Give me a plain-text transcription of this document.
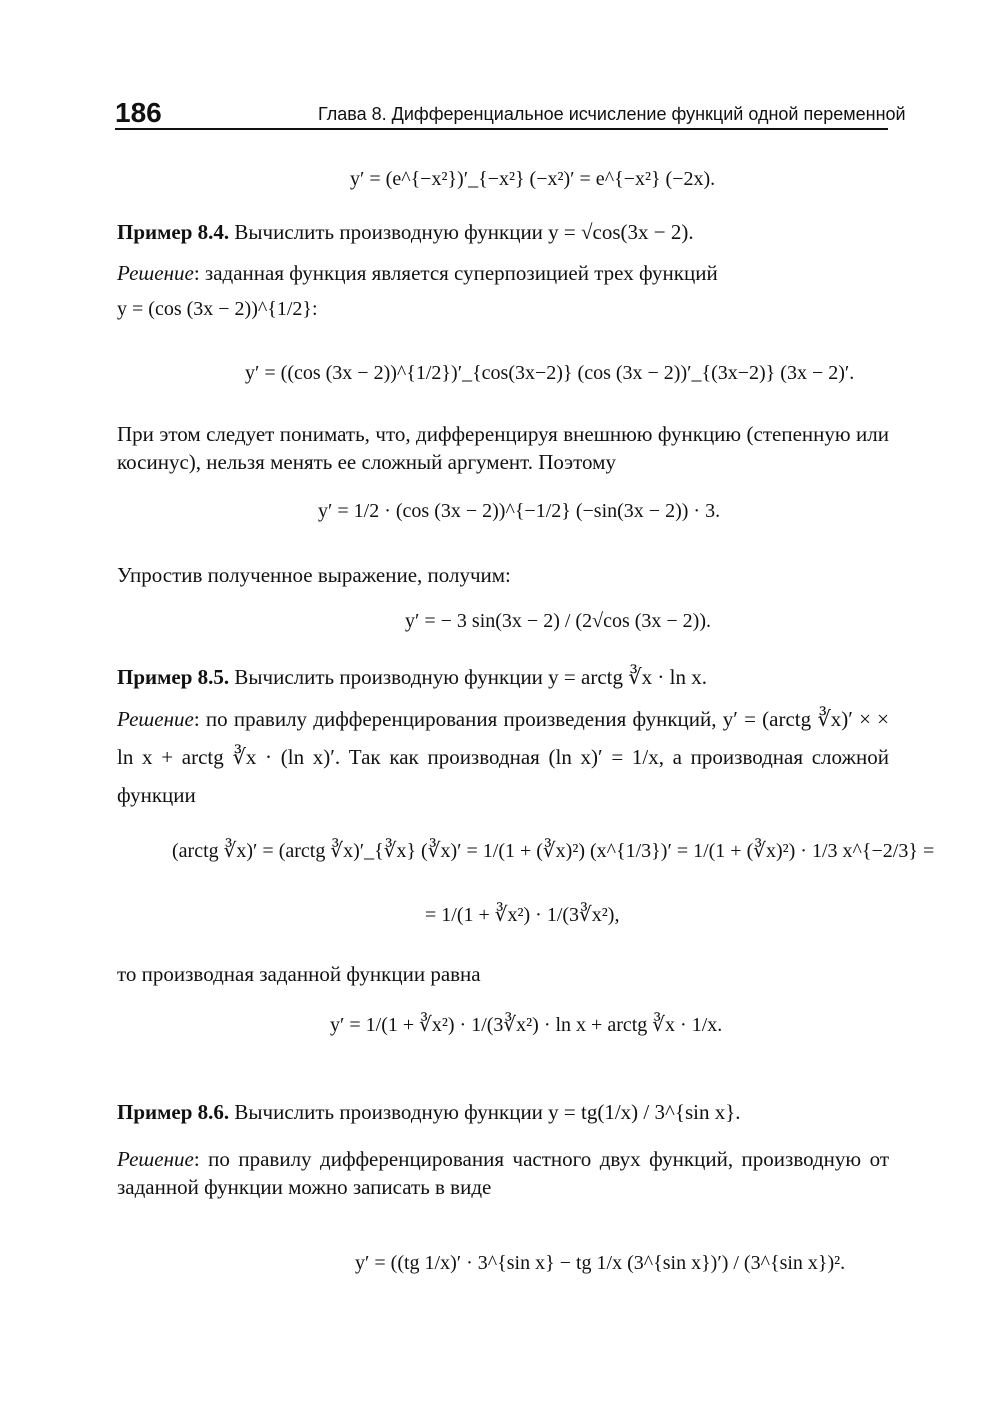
186	Глава 8. Дифференциальное исчисление функций одной переменной
y′ = (e^{−x²})′_{−x²} (−x²)′ = e^{−x²} (−2x).
Пример 8.4. Вычислить производную функции y = √cos(3x − 2).
Решение: заданная функция является суперпозицией трех функций
y = (cos (3x − 2))^{1/2}:
y′ = ((cos (3x − 2))^{1/2})′_{cos(3x−2)} (cos (3x − 2))′_{(3x−2)} (3x − 2)′.
При этом следует понимать, что, дифференцируя внешнюю функцию (степенную или косинус), нельзя менять ее сложный аргумент. Поэтому
y′ = 1/2 · (cos (3x − 2))^{−1/2} (−sin(3x − 2)) · 3.
Упростив полученное выражение, получим:
y′ = − 3 sin(3x − 2) / (2√cos (3x − 2)).
Пример 8.5. Вычислить производную функции y = arctg ∛x · ln x.
Решение: по правилу дифференцирования произведения функций, y′ = (arctg ∛x)′ × × ln x + arctg ∛x · (ln x)′. Так как производная (ln x)′ = 1/x, а производная сложной функции
(arctg ∛x)′ = (arctg ∛x)′_{∛x} (∛x)′ = 1/(1 + (∛x)²) (x^{1/3})′ = 1/(1 + (∛x)²) · 1/3 x^{−2/3} =
= 1/(1 + ∛x²) · 1/(3∛x²),
то производная заданной функции равна
y′ = 1/(1 + ∛x²) · 1/(3∛x²) · ln x + arctg ∛x · 1/x.
Пример 8.6. Вычислить производную функции y = tg(1/x) / 3^{sin x}.
Решение: по правилу дифференцирования частного двух функций, производную от заданной функции можно записать в виде
y′ = ((tg 1/x)′ · 3^{sin x} − tg 1/x (3^{sin x})′) / (3^{sin x})².
